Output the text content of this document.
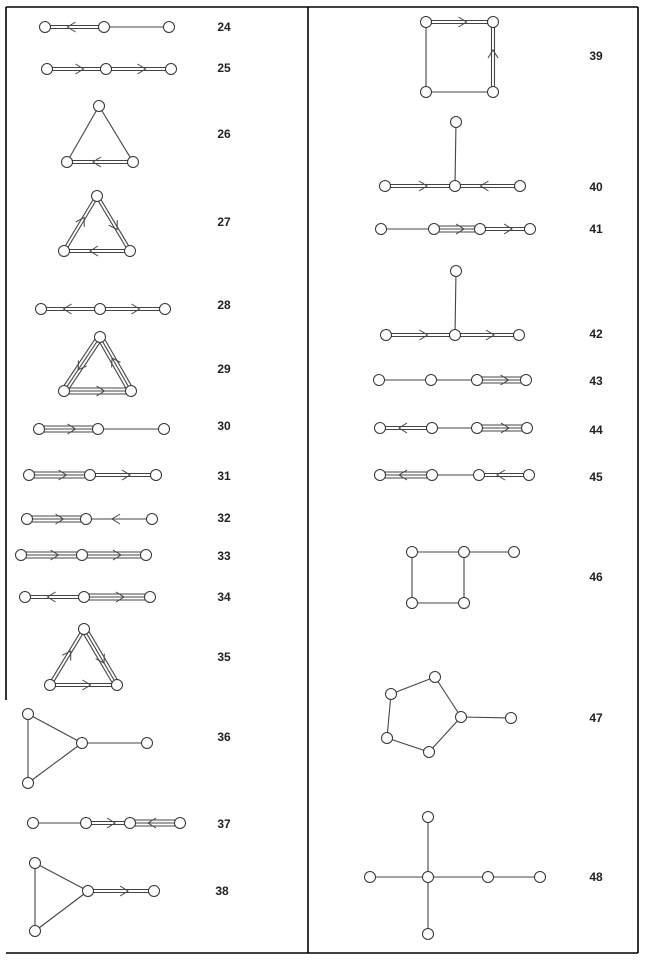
24
25
26
27
28
29
30
31
32
33
34
35
36
37
38
39
40
41
42
43
44
45
46
47
48
